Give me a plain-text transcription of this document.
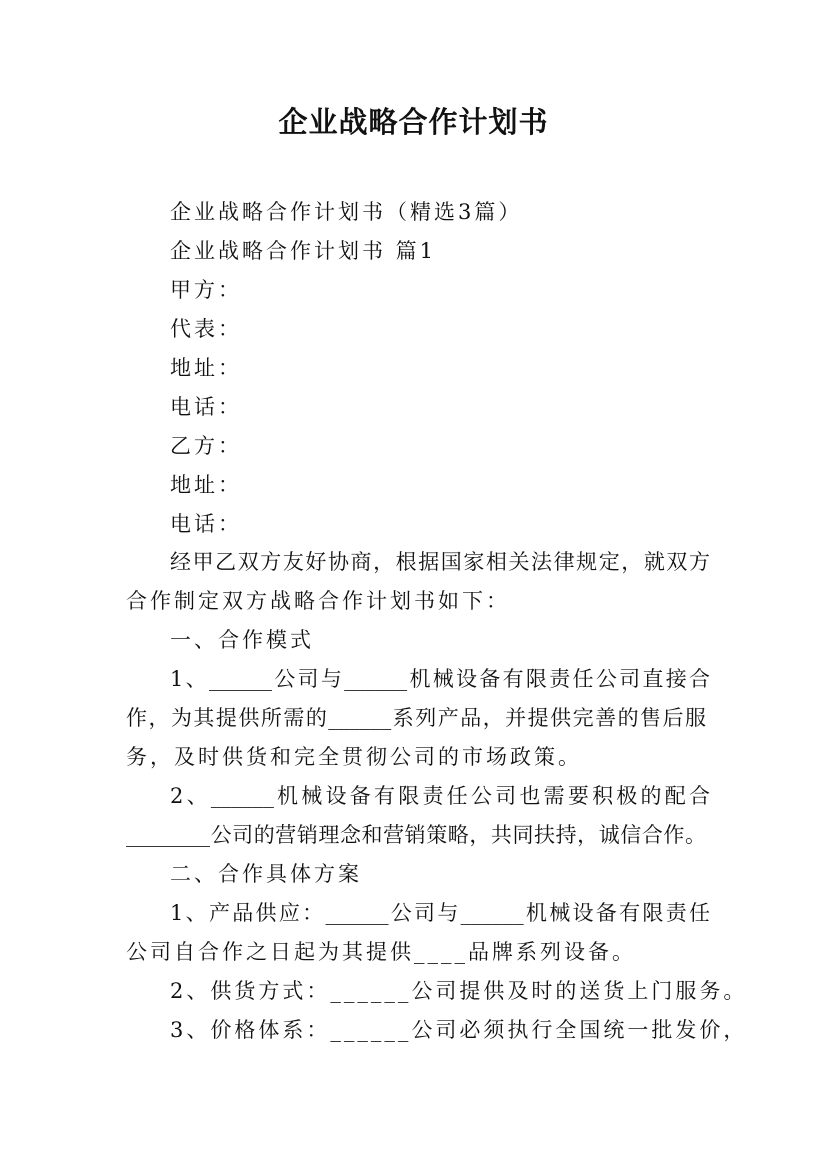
企业战略合作计划书
企业战略合作计划书（精选3篇）
企业战略合作计划书 篇1
甲方：
代表：
地址：
电话：
乙方：
地址：
电话：
经甲乙双方友好协商，根据国家相关法律规定，就双方
合作制定双方战略合作计划书如下：
一、合作模式
1、______公司与______机械设备有限责任公司直接合
作，为其提供所需的______系列产品，并提供完善的售后服
务，及时供货和完全贯彻公司的市场政策。
2、______机械设备有限责任公司也需要积极的配合
________公司的营销理念和营销策略，共同扶持，诚信合作。
二、合作具体方案
1、产品供应：______公司与______机械设备有限责任
公司自合作之日起为其提供____品牌系列设备。
2、供货方式：______公司提供及时的送货上门服务。
3、价格体系：______公司必须执行全国统一批发价，
